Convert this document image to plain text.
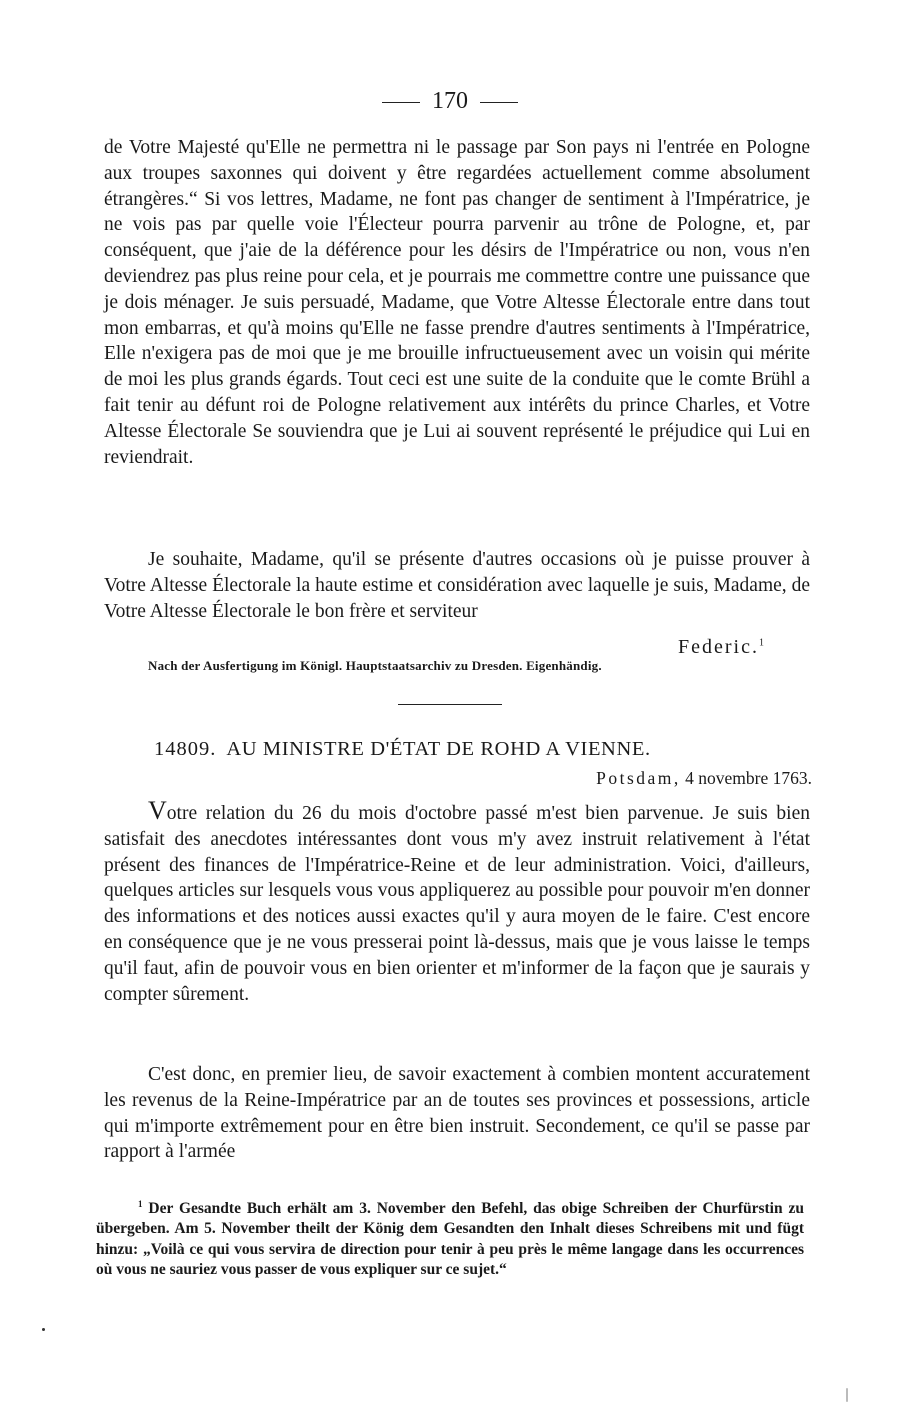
170

de Votre Majesté qu'Elle ne permettra ni le passage par Son pays ni l'entrée en Pologne aux troupes saxonnes qui doivent y être regardées actuellement comme absolument étrangères.“ Si vos lettres, Madame, ne font pas changer de sentiment à l'Impératrice, je ne vois pas par quelle voie l'Électeur pourra parvenir au trône de Pologne, et, par conséquent, que j'aie de la déférence pour les désirs de l'Impératrice ou non, vous n'en deviendrez pas plus reine pour cela, et je pourrais me commettre contre une puissance que je dois ménager. Je suis persuadé, Madame, que Votre Altesse Électorale entre dans tout mon embarras, et qu'à moins qu'Elle ne fasse prendre d'autres sentiments à l'Impératrice, Elle n'exigera pas de moi que je me brouille infructueusement avec un voisin qui mérite de moi les plus grands égards. Tout ceci est une suite de la conduite que le comte Brühl a fait tenir au défunt roi de Pologne relativement aux intérêts du prince Charles, et Votre Altesse Électorale Se souviendra que je Lui ai souvent représenté le préjudice qui Lui en reviendrait.

Je souhaite, Madame, qu'il se présente d'autres occasions où je puisse prouver à Votre Altesse Électorale la haute estime et considération avec laquelle je suis, Madame, de Votre Altesse Électorale le bon frère et serviteur

Federic.$^1$
Nach der Ausfertigung im Königl. Hauptstaatsarchiv zu Dresden. Eigenhändig.
14809. AU MINISTRE D'ÉTAT DE ROHD A VIENNE.
Potsdam, 4 novembre 1763.

Votre relation du 26 du mois d'octobre passé m'est bien parvenue. Je suis bien satisfait des anecdotes intéressantes dont vous m'y avez instruit relativement à l'état présent des finances de l'Impératrice-Reine et de leur administration. Voici, d'ailleurs, quelques articles sur lesquels vous vous appliquerez au possible pour pouvoir m'en donner des informations et des notices aussi exactes qu'il y aura moyen de le faire. C'est encore en conséquence que je ne vous presserai point là-dessus, mais que je vous laisse le temps qu'il faut, afin de pouvoir vous en bien orienter et m'informer de la façon que je saurais y compter sûrement.

C'est donc, en premier lieu, de savoir exactement à combien montent accuratement les revenus de la Reine-Impératrice par an de toutes ses provinces et possessions, article qui m'importe extrêmement pour en être bien instruit. Secondement, ce qu'il se passe par rapport à l'armée

$^1$ Der Gesandte Buch erhält am 3. November den Befehl, das obige Schreiben der Churfürstin zu übergeben. Am 5. November theilt der König dem Gesandten den Inhalt dieses Schreibens mit und fügt hinzu: „Voilà ce qui vous servira de direction pour tenir à peu près le même langage dans les occurrences où vous ne sauriez vous passer de vous expliquer sur ce sujet.“
